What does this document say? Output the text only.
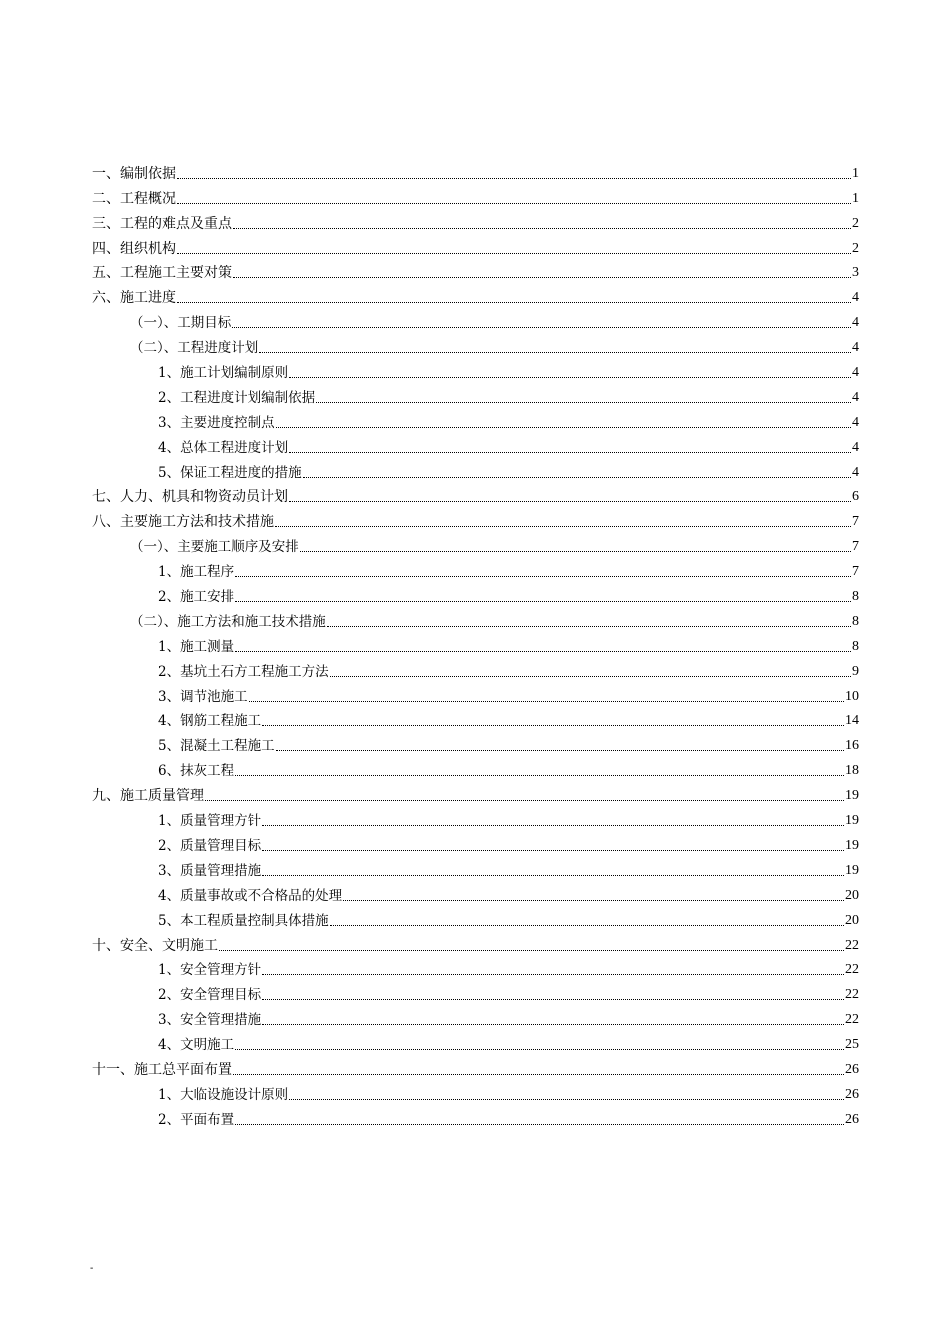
一、编制依据	1
二、工程概况	1
三、工程的难点及重点	2
四、组织机构	2
五、工程施工主要对策	3
六、施工进度	4
（一）、工期目标	4
（二）、工程进度计划	4
1、施工计划编制原则	4
2、工程进度计划编制依据	4
3、主要进度控制点	4
4、总体工程进度计划	4
5、保证工程进度的措施	4
七、人力、机具和物资动员计划	6
八、主要施工方法和技术措施	7
（一）、主要施工顺序及安排	7
1、施工程序	7
2、施工安排	8
（二）、施工方法和施工技术措施	8
1、施工测量	8
2、基坑土石方工程施工方法	9
3、调节池施工	10
4、钢筋工程施工	14
5、混凝土工程施工	16
6、抹灰工程	18
九、施工质量管理	19
1、质量管理方针	19
2、质量管理目标	19
3、质量管理措施	19
4、质量事故或不合格品的处理	20
5、本工程质量控制具体措施	20
十、安全、文明施工	22
1、安全管理方针	22
2、安全管理目标	22
3、安全管理措施	22
4、文明施工	25
十一、施工总平面布置	26
1、大临设施设计原则	26
2、平面布置	26
-
